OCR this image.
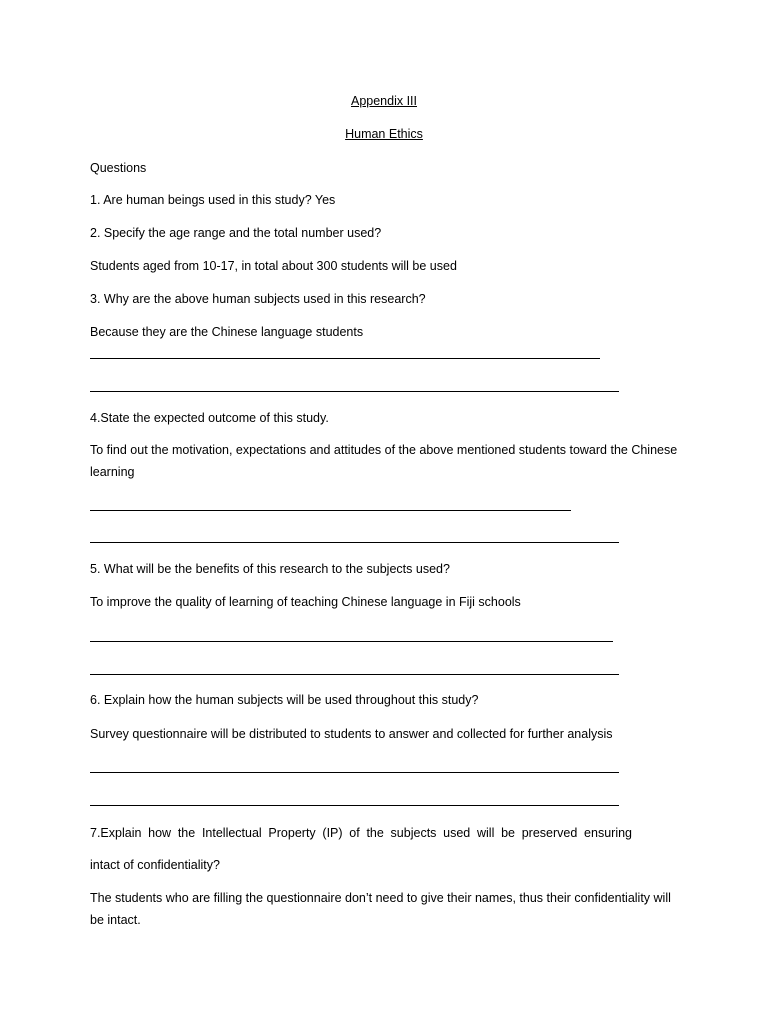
Appendix III
Human Ethics
Questions
1. Are human beings used in this study? Yes
2. Specify the age range and the total number used?
Students aged from 10-17, in total about 300 students will be used
3. Why are the above human subjects used in this research?
Because they are the Chinese language students
4.State the expected outcome of this study.
To find out the motivation, expectations and attitudes of the above mentioned students toward the Chinese learning
5. What will be the benefits of this research to the subjects used?
To improve the quality of learning of teaching Chinese language in Fiji schools
6. Explain how the human subjects will be used throughout this study?
Survey questionnaire will be distributed to students to answer and collected for further analysis
7.Explain how the Intellectual Property (IP) of the subjects used will be preserved ensuring
intact of confidentiality?
The students who are filling the questionnaire don’t need to give their names, thus their confidentiality will be intact.
